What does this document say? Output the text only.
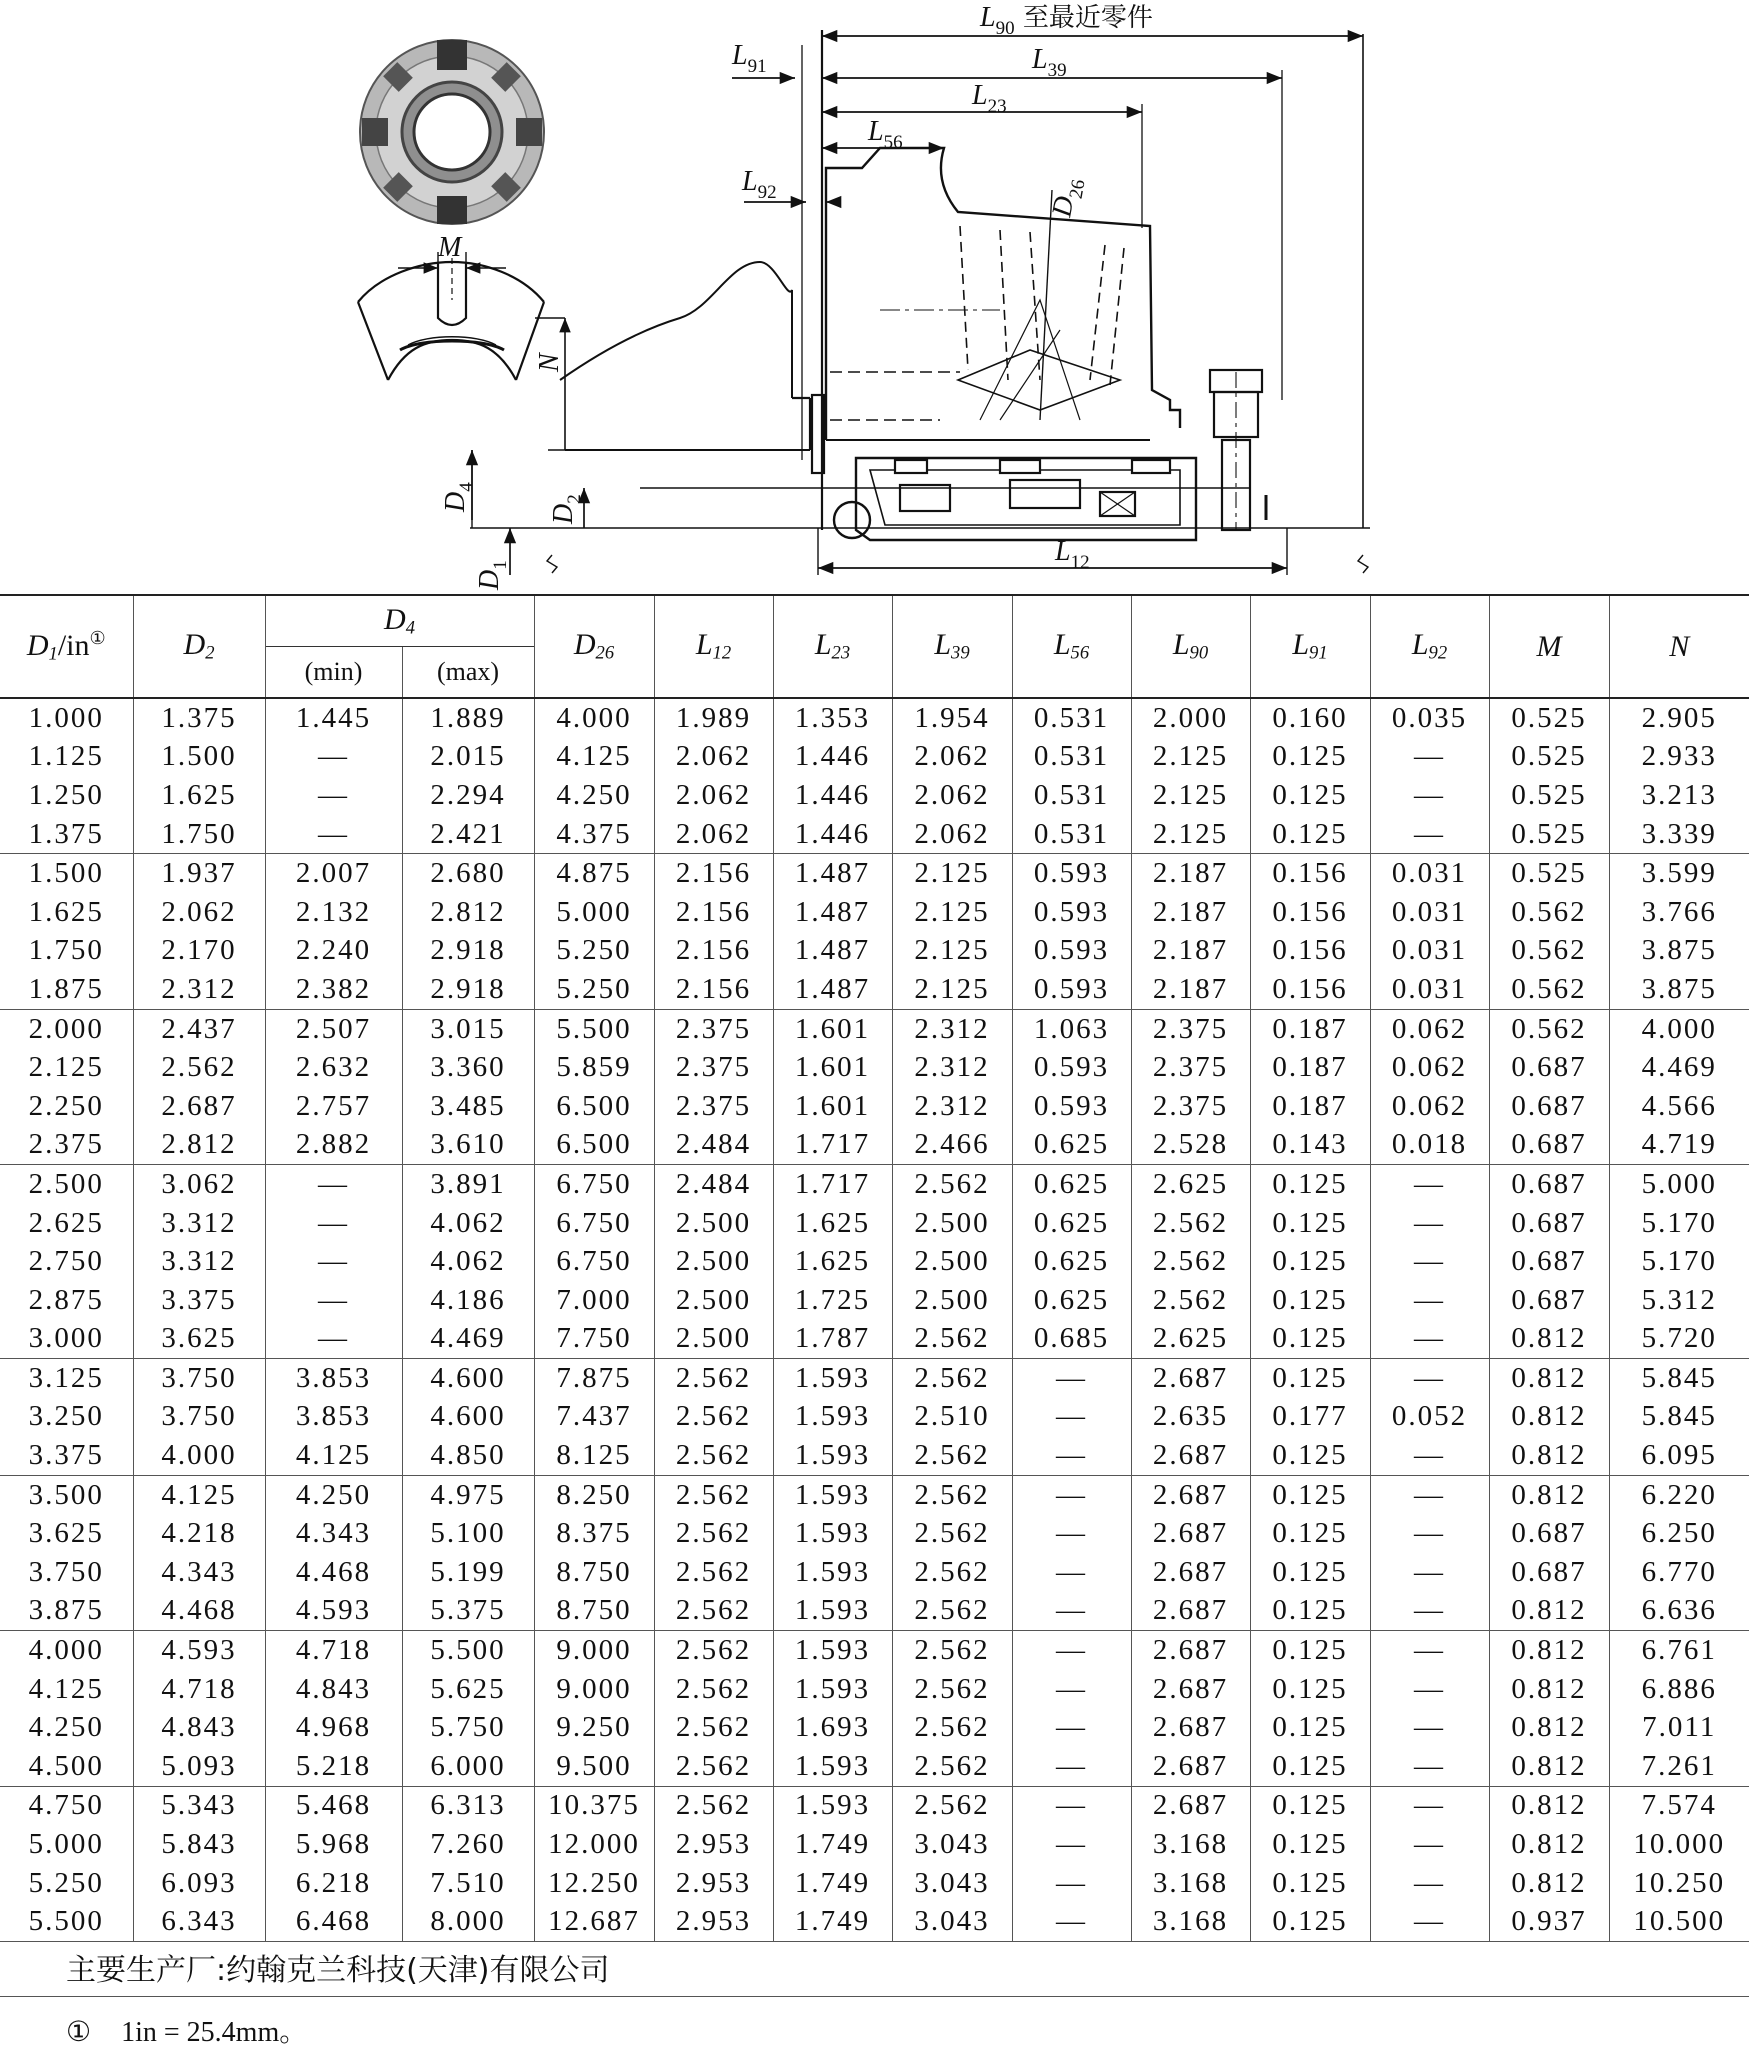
$L_{90}$ 至最近零件
$L_{91}$	$L_{39}$
$L_{23}$
$L_{56}$
$L_{92}$
$D_{26}$
M
N
$D_4$
$D_2$
$D_1$	$L_{12}$
$D_1/in^①$	$D_2$	$D_4$		$D_{26}$	$L_{12}$	$L_{23}$	$L_{39}$	$L_{56}$	$L_{90}$	$L_{91}$	$L_{92}$	M	N
		(min)	(max)										
1.000	1.375	1.445	1.889	4.000	1.989	1.353	1.954	0.531	2.000	0.160	0.035	0.525	2.905
1.125	1.500	—	2.015	4.125	2.062	1.446	2.062	0.531	2.125	0.125	—	0.525	2.933
1.250	1.625	—	2.294	4.250	2.062	1.446	2.062	0.531	2.125	0.125	—	0.525	3.213
1.375	1.750	—	2.421	4.375	2.062	1.446	2.062	0.531	2.125	0.125	—	0.525	3.339
1.500	1.937	2.007	2.680	4.875	2.156	1.487	2.125	0.593	2.187	0.156	0.031	0.525	3.599
1.625	2.062	2.132	2.812	5.000	2.156	1.487	2.125	0.593	2.187	0.156	0.031	0.562	3.766
1.750	2.170	2.240	2.918	5.250	2.156	1.487	2.125	0.593	2.187	0.156	0.031	0.562	3.875
1.875	2.312	2.382	2.918	5.250	2.156	1.487	2.125	0.593	2.187	0.156	0.031	0.562	3.875
2.000	2.437	2.507	3.015	5.500	2.375	1.601	2.312	1.063	2.375	0.187	0.062	0.562	4.000
2.125	2.562	2.632	3.360	5.859	2.375	1.601	2.312	0.593	2.375	0.187	0.062	0.687	4.469
2.250	2.687	2.757	3.485	6.500	2.375	1.601	2.312	0.593	2.375	0.187	0.062	0.687	4.566
2.375	2.812	2.882	3.610	6.500	2.484	1.717	2.466	0.625	2.528	0.143	0.018	0.687	4.719
2.500	3.062	—	3.891	6.750	2.484	1.717	2.562	0.625	2.625	0.125	—	0.687	5.000
2.625	3.312	—	4.062	6.750	2.500	1.625	2.500	0.625	2.562	0.125	—	0.687	5.170
2.750	3.312	—	4.062	6.750	2.500	1.625	2.500	0.625	2.562	0.125	—	0.687	5.170
2.875	3.375	—	4.186	7.000	2.500	1.725	2.500	0.625	2.562	0.125	—	0.687	5.312
3.000	3.625	—	4.469	7.750	2.500	1.787	2.562	0.685	2.625	0.125	—	0.812	5.720
3.125	3.750	3.853	4.600	7.875	2.562	1.593	2.562	—	2.687	0.125	—	0.812	5.845
3.250	3.750	3.853	4.600	7.437	2.562	1.593	2.510	—	2.635	0.177	0.052	0.812	5.845
3.375	4.000	4.125	4.850	8.125	2.562	1.593	2.562	—	2.687	0.125	—	0.812	6.095
3.500	4.125	4.250	4.975	8.250	2.562	1.593	2.562	—	2.687	0.125	—	0.812	6.220
3.625	4.218	4.343	5.100	8.375	2.562	1.593	2.562	—	2.687	0.125	—	0.687	6.250
3.750	4.343	4.468	5.199	8.750	2.562	1.593	2.562	—	2.687	0.125	—	0.687	6.770
3.875	4.468	4.593	5.375	8.750	2.562	1.593	2.562	—	2.687	0.125	—	0.812	6.636
4.000	4.593	4.718	5.500	9.000	2.562	1.593	2.562	—	2.687	0.125	—	0.812	6.761
4.125	4.718	4.843	5.625	9.000	2.562	1.593	2.562	—	2.687	0.125	—	0.812	6.886
4.250	4.843	4.968	5.750	9.250	2.562	1.693	2.562	—	2.687	0.125	—	0.812	7.011
4.500	5.093	5.218	6.000	9.500	2.562	1.593	2.562	—	2.687	0.125	—	0.812	7.261
4.750	5.343	5.468	6.313	10.375	2.562	1.593	2.562	—	2.687	0.125	—	0.812	7.574
5.000	5.843	5.968	7.260	12.000	2.953	1.749	3.043	—	3.168	0.125	—	0.812	10.000
5.250	6.093	6.218	7.510	12.250	2.953	1.749	3.043	—	3.168	0.125	—	0.812	10.250
5.500	6.343	6.468	8.000	12.687	2.953	1.749	3.043	—	3.168	0.125	—	0.937	10.500
主要生产厂:约翰克兰科技(天津)有限公司
① 1in = 25.4mm。
